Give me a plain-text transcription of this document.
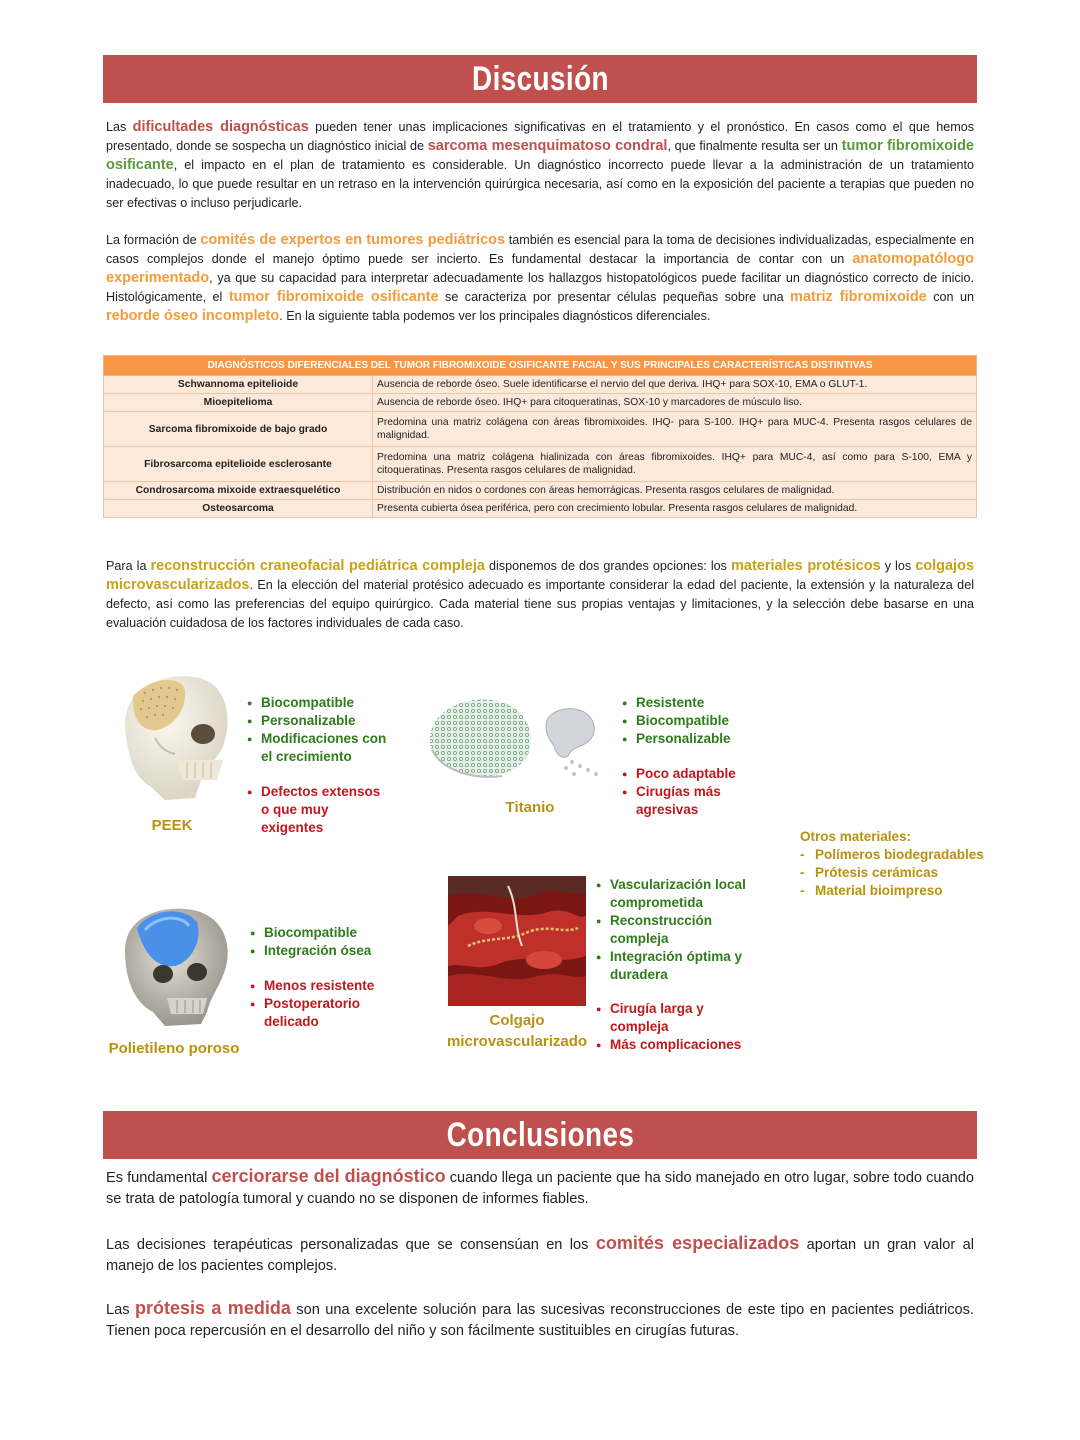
Discusión
Las dificultades diagnósticas pueden tener unas implicaciones significativas en el tratamiento y el pronóstico. En casos como el que hemos presentado, donde se sospecha un diagnóstico inicial de sarcoma mesenquimatoso condral, que finalmente resulta ser un tumor fibromixoide osificante, el impacto en el plan de tratamiento es considerable. Un diagnóstico incorrecto puede llevar a la administración de un tratamiento inadecuado, lo que puede resultar en un retraso en la intervención quirúrgica necesaria, así como en la exposición del paciente a terapias que pueden no ser efectivas o incluso perjudicarle.
La formación de comités de expertos en tumores pediátricos también es esencial para la toma de decisiones individualizadas, especialmente en casos complejos donde el manejo óptimo puede ser incierto. Es fundamental destacar la importancia de contar con un anatomopatólogo experimentado, ya que su capacidad para interpretar adecuadamente los hallazgos histopatológicos puede facilitar un diagnóstico correcto de inicio. Histológicamente, el tumor fibromixoide osificante se caracteriza por presentar células pequeñas sobre una matriz fibromixoide con un reborde óseo incompleto. En la siguiente tabla podemos ver los principales diagnósticos diferenciales.
DIAGNÓSTICOS DIFERENCIALES DEL TUMOR FIBROMIXOIDE OSIFICANTE FACIAL Y SUS PRINCIPALES CARACTERÍSTICAS DISTINTIVAS	
Schwannoma epitelioide	Ausencia de reborde óseo. Suele identificarse el nervio del que deriva. IHQ+ para SOX-10, EMA o GLUT-1.
Mioepitelioma	Ausencia de reborde óseo. IHQ+ para citoqueratinas, SOX-10 y marcadores de músculo liso.
Sarcoma fibromixoide de bajo grado	Predomina una matriz colágena con áreas fibromixoides. IHQ- para S-100. IHQ+ para MUC-4. Presenta rasgos celulares de malignidad.
Fibrosarcoma epitelioide esclerosante	Predomina una matriz colágena hialinizada con áreas fibromixoides. IHQ+ para MUC-4, así como para S-100, EMA y citoqueratinas. Presenta rasgos celulares de malignidad.
Condrosarcoma mixoide extraesquelético	Distribución en nidos o cordones con áreas hemorrágicas. Presenta rasgos celulares de malignidad.
Osteosarcoma	Presenta cubierta ósea periférica, pero con crecimiento lobular. Presenta rasgos celulares de malignidad.
Para la reconstrucción craneofacial pediátrica compleja disponemos de dos grandes opciones: los materiales protésicos y los colgajos microvascularizados. En la elección del material protésico adecuado es importante considerar la edad del paciente, la extensión y la naturaleza del defecto, así como las preferencias del equipo quirúrgico. Cada material tiene sus propias ventajas y limitaciones, y la selección debe basarse en una evaluación cuidadosa de los factores individuales de cada caso.
● Biocompatible
● Personalizable
● Modificaciones con el crecimiento
● Defectos extensos o que muy exigentes
PEEK
● Resistente
● Biocompatible
● Personalizable
● Poco adaptable
● Cirugías más agresivas
Titanio
Otros materiales:
- Polímeros biodegradables
- Prótesis cerámicas
- Material bioimpreso
● Biocompatible
● Integración ósea
● Menos resistente
● Postoperatorio delicado
Polietileno poroso
● Vascularización local comprometida
● Reconstrucción compleja
● Integración óptima y duradera
● Cirugía larga y compleja
● Más complicaciones
Colgajo microvascularizado
Conclusiones
Es fundamental cerciorarse del diagnóstico cuando llega un paciente que ha sido manejado en otro lugar, sobre todo cuando se trata de patología tumoral y cuando no se disponen de informes fiables.
Las decisiones terapéuticas personalizadas que se consensúan en los comités especializados aportan un gran valor al manejo de los pacientes complejos.
Las prótesis a medida son una excelente solución para las sucesivas reconstrucciones de este tipo en pacientes pediátricos. Tienen poca repercusión en el desarrollo del niño y son fácilmente sustituibles en cirugías futuras.
